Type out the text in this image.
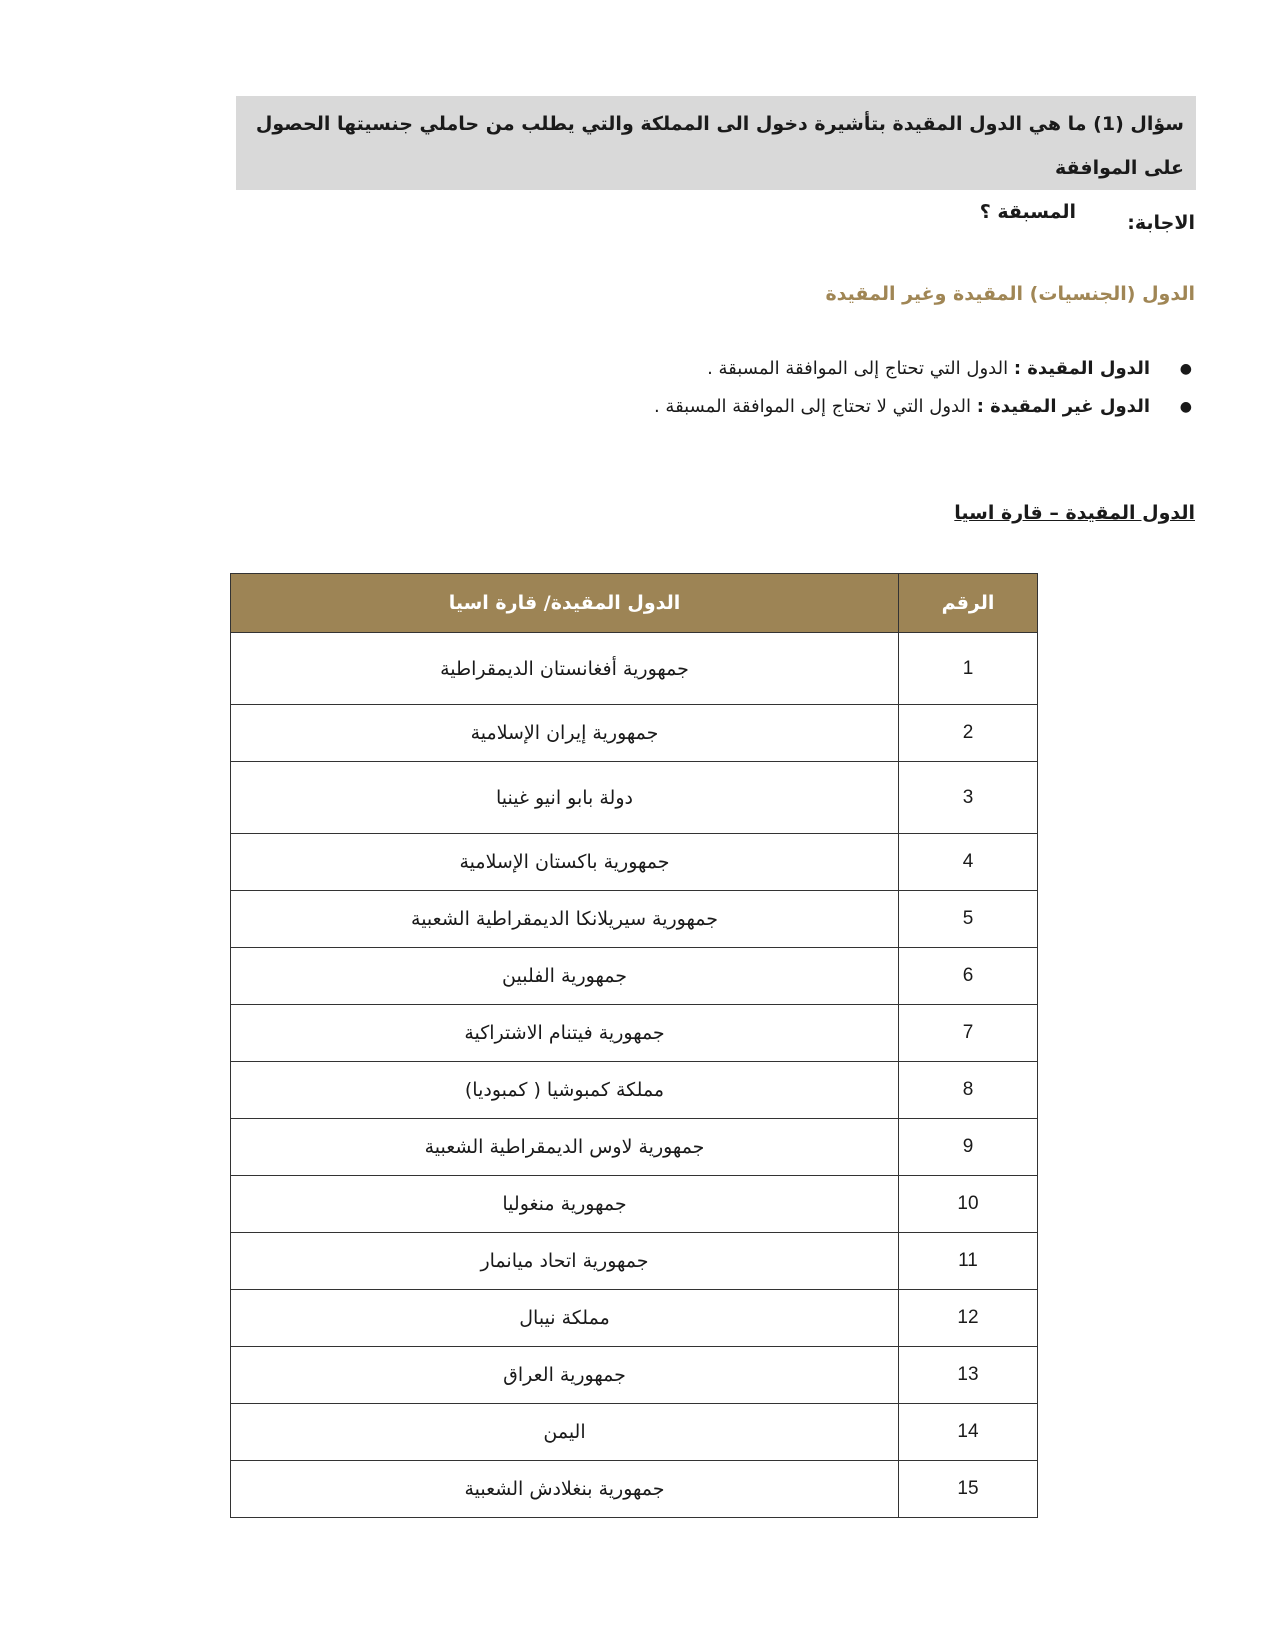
سؤال (1) ما هي الدول المقيدة بتأشيرة دخول الى المملكة والتي يطلب من حاملي جنسيتها الحصول على الموافقة
المسبقة ؟	الاجابة:
الدول (الجنسيات) المقيدة وغير المقيدة
●
الدول المقيدة : الدول التي تحتاج إلى الموافقة المسبقة .
●
الدول غير المقيدة : الدول التي لا تحتاج إلى الموافقة المسبقة .
الدول المقيدة – قارة اسيا
الرقم	الدول المقيدة/ قارة اسيا
1	جمهورية أفغانستان الديمقراطية
2	جمهورية إيران الإسلامية
3	دولة بابو انيو غينيا
4	جمهورية باكستان الإسلامية
5	جمهورية سيريلانكا الديمقراطية الشعبية
6	جمهورية الفلبين
7	جمهورية فيتنام الاشتراكية
8	مملكة كمبوشيا ( كمبوديا)
9	جمهورية لاوس الديمقراطية الشعبية
10	جمهورية منغوليا
11	جمهورية اتحاد ميانمار
12	مملكة نيبال
13	جمهورية العراق
14	اليمن
15	جمهورية بنغلادش الشعبية
